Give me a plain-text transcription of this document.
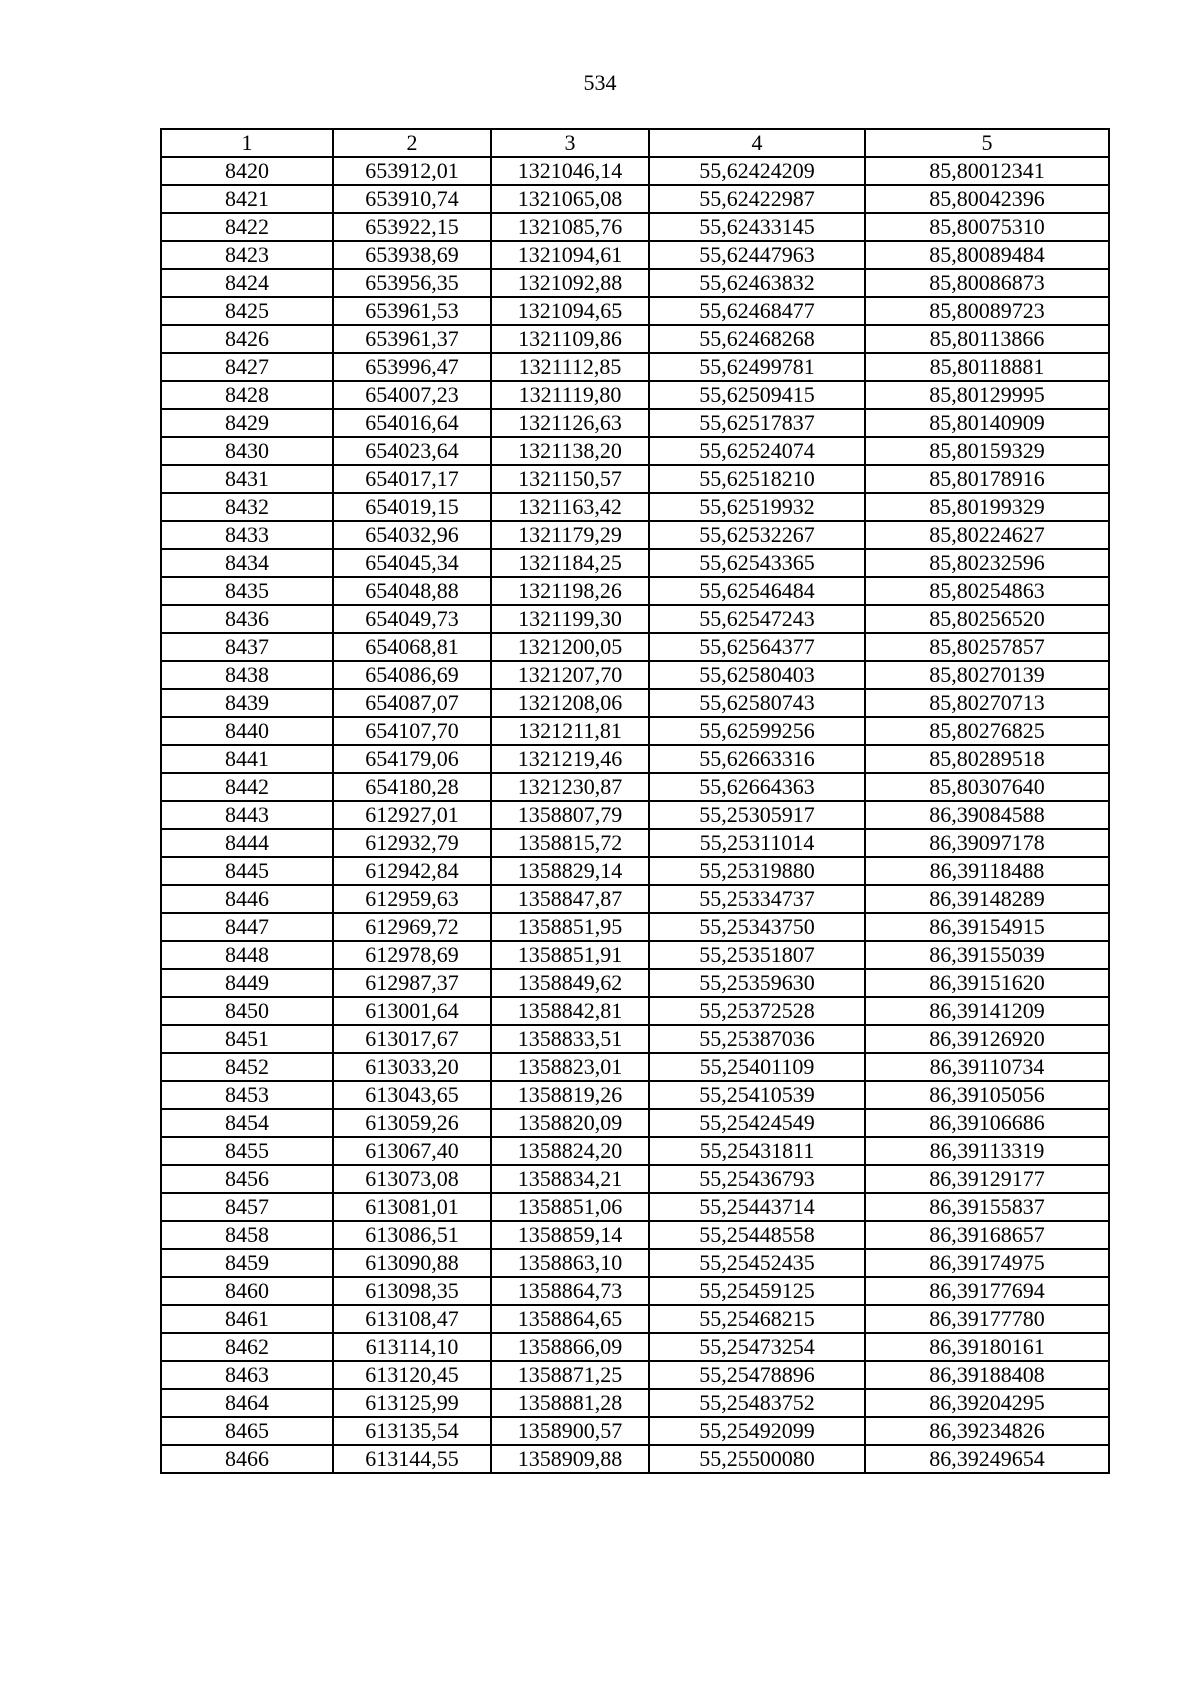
534
1	2	3	4	5
8420	653912,01	1321046,14	55,62424209	85,80012341
8421	653910,74	1321065,08	55,62422987	85,80042396
8422	653922,15	1321085,76	55,62433145	85,80075310
8423	653938,69	1321094,61	55,62447963	85,80089484
8424	653956,35	1321092,88	55,62463832	85,80086873
8425	653961,53	1321094,65	55,62468477	85,80089723
8426	653961,37	1321109,86	55,62468268	85,80113866
8427	653996,47	1321112,85	55,62499781	85,80118881
8428	654007,23	1321119,80	55,62509415	85,80129995
8429	654016,64	1321126,63	55,62517837	85,80140909
8430	654023,64	1321138,20	55,62524074	85,80159329
8431	654017,17	1321150,57	55,62518210	85,80178916
8432	654019,15	1321163,42	55,62519932	85,80199329
8433	654032,96	1321179,29	55,62532267	85,80224627
8434	654045,34	1321184,25	55,62543365	85,80232596
8435	654048,88	1321198,26	55,62546484	85,80254863
8436	654049,73	1321199,30	55,62547243	85,80256520
8437	654068,81	1321200,05	55,62564377	85,80257857
8438	654086,69	1321207,70	55,62580403	85,80270139
8439	654087,07	1321208,06	55,62580743	85,80270713
8440	654107,70	1321211,81	55,62599256	85,80276825
8441	654179,06	1321219,46	55,62663316	85,80289518
8442	654180,28	1321230,87	55,62664363	85,80307640
8443	612927,01	1358807,79	55,25305917	86,39084588
8444	612932,79	1358815,72	55,25311014	86,39097178
8445	612942,84	1358829,14	55,25319880	86,39118488
8446	612959,63	1358847,87	55,25334737	86,39148289
8447	612969,72	1358851,95	55,25343750	86,39154915
8448	612978,69	1358851,91	55,25351807	86,39155039
8449	612987,37	1358849,62	55,25359630	86,39151620
8450	613001,64	1358842,81	55,25372528	86,39141209
8451	613017,67	1358833,51	55,25387036	86,39126920
8452	613033,20	1358823,01	55,25401109	86,39110734
8453	613043,65	1358819,26	55,25410539	86,39105056
8454	613059,26	1358820,09	55,25424549	86,39106686
8455	613067,40	1358824,20	55,25431811	86,39113319
8456	613073,08	1358834,21	55,25436793	86,39129177
8457	613081,01	1358851,06	55,25443714	86,39155837
8458	613086,51	1358859,14	55,25448558	86,39168657
8459	613090,88	1358863,10	55,25452435	86,39174975
8460	613098,35	1358864,73	55,25459125	86,39177694
8461	613108,47	1358864,65	55,25468215	86,39177780
8462	613114,10	1358866,09	55,25473254	86,39180161
8463	613120,45	1358871,25	55,25478896	86,39188408
8464	613125,99	1358881,28	55,25483752	86,39204295
8465	613135,54	1358900,57	55,25492099	86,39234826
8466	613144,55	1358909,88	55,25500080	86,39249654
